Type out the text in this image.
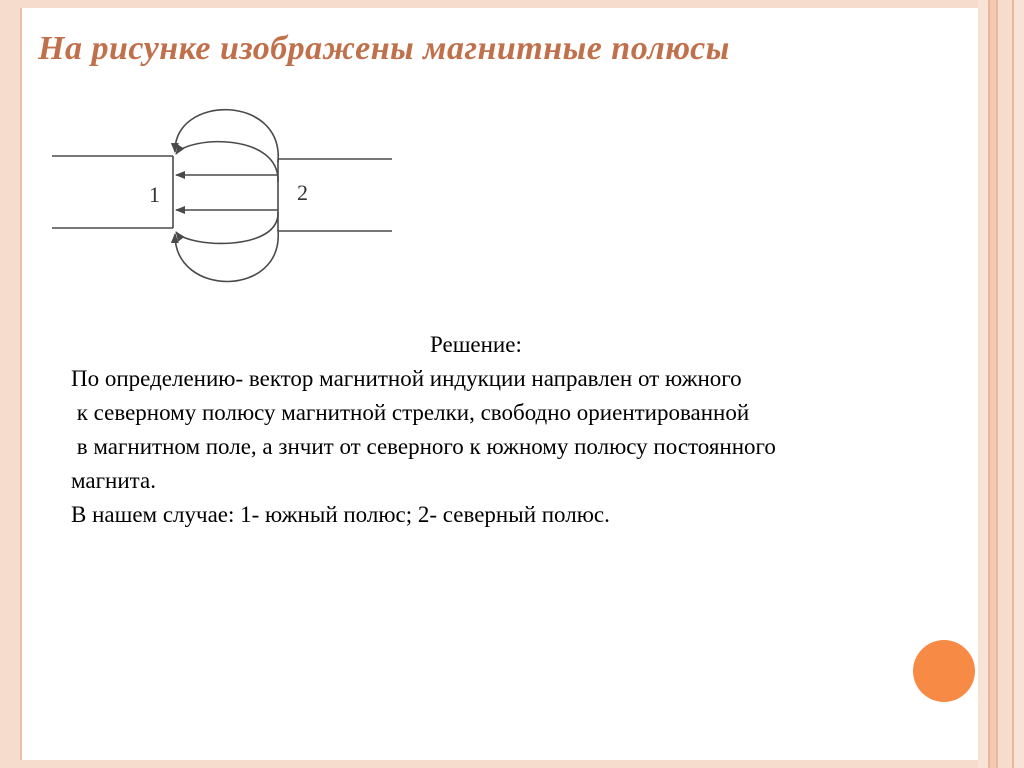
На рисунке изображены магнитные полюсы
1	2
Решение:
По определению- вектор магнитной индукции направлен от южного
к северному полюсу магнитной стрелки, свободно ориентированной
в магнитном поле, а знчит от северного к южному полюсу постоянного
магнита.
В нашем случае: 1- южный полюс; 2- северный полюс.
